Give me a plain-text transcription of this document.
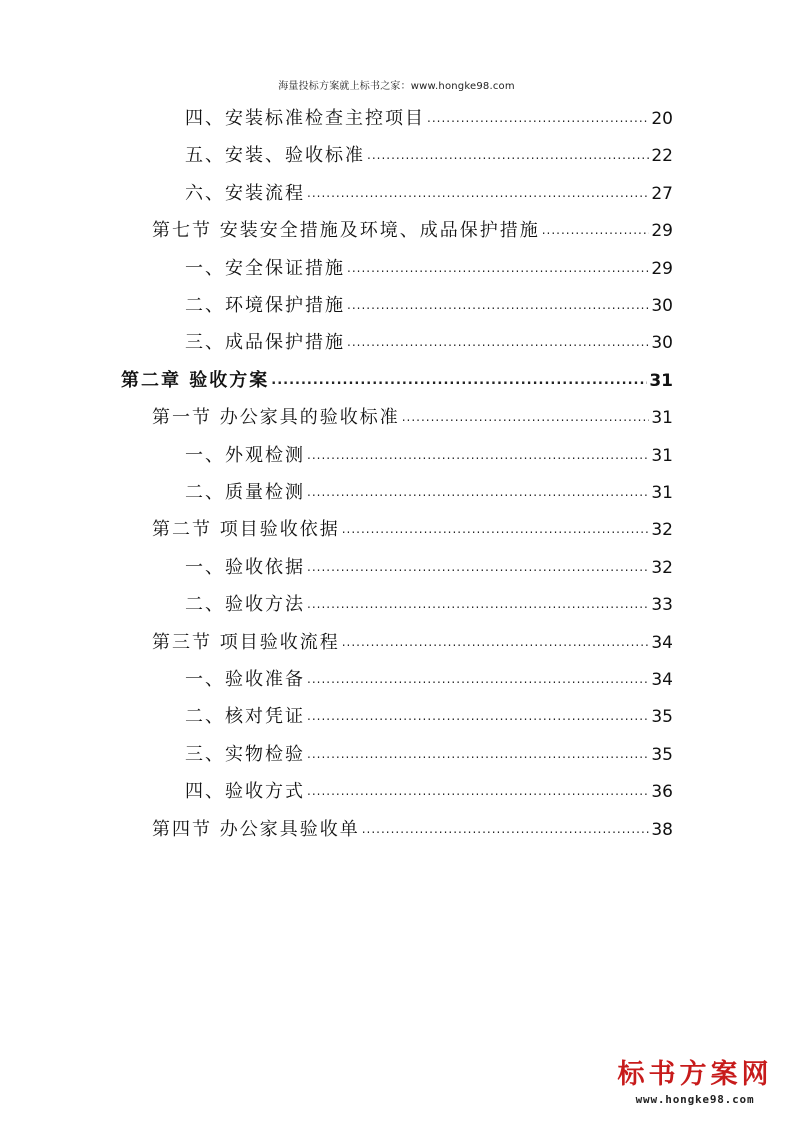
海量投标方案就上标书之家：www.hongke98.com
四、安装标准检查主控项目 .....	20
五、安装、验收标准 .....	22
六、安装流程 .....	27
第七节 安装安全措施及环境、成品保护措施 .....	29
一、安全保证措施 .....	29
二、环境保护措施 .....	30
三、成品保护措施 .....	30
第二章 验收方案 .....	31
第一节 办公家具的验收标准 .....	31
一、外观检测 .....	31
二、质量检测 .....	31
第二节 项目验收依据 .....	32
一、验收依据 .....	32
二、验收方法 .....	33
第三节 项目验收流程 .....	34
一、验收准备 .....	34
二、核对凭证 .....	35
三、实物检验 .....	35
四、验收方式 .....	36
第四节 办公家具验收单 .....	38
标书方案网
www.hongke98.com
